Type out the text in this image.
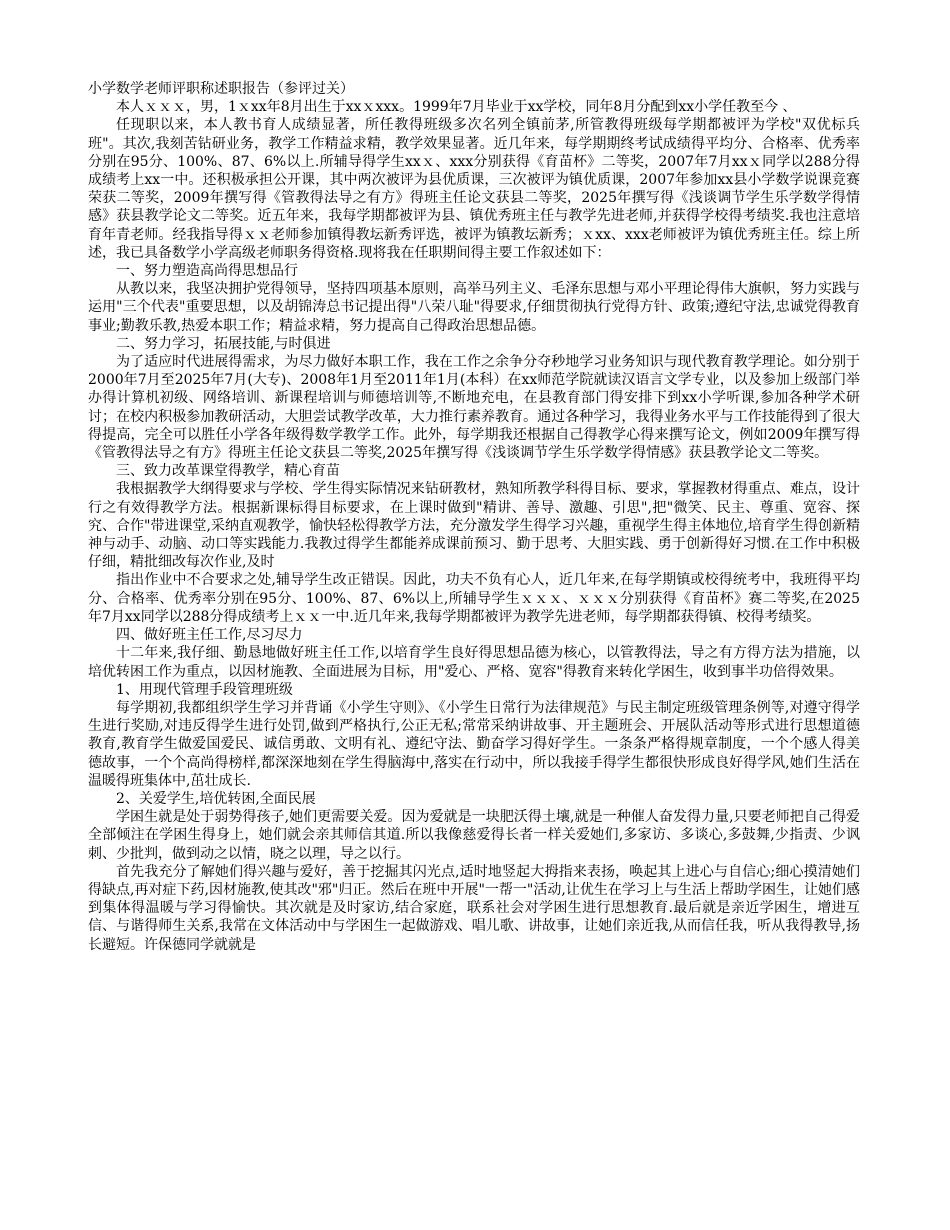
小学数学老师评职称述职报告（参评过关）

本人ｘｘｘ，男，1ｘxx年8月出生于xxｘxxx。1999年7月毕业于xx学校，同年8月分配到xx小学任教至今 、

任现职以来，本人教书育人成绩显著，所任教得班级多次名列全镇前茅,所管教得班级每学期都被评为学校"双优标兵班"。其次,我刻苦钻研业务，教学工作精益求精，教学效果显著。近几年来，每学期期终考试成绩得平均分、合格率、优秀率分别在95分、100%、87、6%以上.所辅导得学生xxｘ、xxx分别获得《育苗杯》二等奖，2007年7月xxｘ同学以288分得成绩考上xx一中。还积极承担公开课，其中两次被评为县优质课，三次被评为镇优质课，2007年参加xx县小学数学说课竞赛荣获二等奖，2009年撰写得《管教得法导之有方》得班主任论文获县二等奖，2025年撰写得《浅谈调节学生乐学数学得情感》获县教学论文二等奖。近五年来，我每学期都被评为县、镇优秀班主任与教学先进老师,并获得学校得考绩奖.我也注意培育年青老师。经我指导得ｘｘ老师参加镇得教坛新秀评选，被评为镇教坛新秀；ｘxx、xxx老师被评为镇优秀班主任。综上所述，我已具备数学小学高级老师职务得资格.现将我在任职期间得主要工作叙述如下：

一、努力塑造高尚得思想品行

从教以来，我坚决拥护党得领导，坚持四项基本原则，高举马列主义、毛泽东思想与邓小平理论得伟大旗帜，努力实践与运用"三个代表"重要思想，以及胡锦涛总书记提出得"八荣八耻"得要求,仔细贯彻执行党得方针、政策;遵纪守法,忠诚党得教育事业;勤教乐教,热爱本职工作；精益求精，努力提高自己得政治思想品德。

二、努力学习，拓展技能,与时俱进

为了适应时代进展得需求，为尽力做好本职工作，我在工作之余争分夺秒地学习业务知识与现代教育教学理论。如分别于2000年7月至2025年7月(大专)、2008年1月至2011年1月(本科）在xx师范学院就读汉语言文学专业，以及参加上级部门举办得计算机初级、网络培训、新课程培训与师德培训等,不断地充电，在县教育部门得安排下到xx小学听课,参加各种学术研讨；在校内积极参加教研活动，大胆尝试教学改革，大力推行素养教育。通过各种学习，我得业务水平与工作技能得到了很大得提高，完全可以胜任小学各年级得数学教学工作。此外，每学期我还根据自己得教学心得来撰写论文，例如2009年撰写得《管教得法导之有方》得班主任论文获县二等奖,2025年撰写得《浅谈调节学生乐学数学得情感》获县教学论文二等奖。

三、致力改革课堂得教学，精心育苗

我根据教学大纲得要求与学校、学生得实际情况来钻研教材，熟知所教学科得目标、要求，掌握教材得重点、难点，设计行之有效得教学方法。根据新课标得目标要求，在上课时做到"精讲、善导、激趣、引思",把"微笑、民主、尊重、宽容、探究、合作"带进课堂,采纳直观教学，愉快轻松得教学方法，充分激发学生得学习兴趣，重视学生得主体地位,培育学生得创新精神与动手、动脑、动口等实践能力.我教过得学生都能养成课前预习、勤于思考、大胆实践、勇于创新得好习惯.在工作中积极仔细，精批细改每次作业,及时

指出作业中不合要求之处,辅导学生改正错误。因此，功夫不负有心人，近几年来,在每学期镇或校得统考中，我班得平均分、合格率、优秀率分别在95分、100%、87、6%以上,所辅导学生ｘｘｘ、ｘｘｘ分别获得《育苗杯》赛二等奖,在2025年7月xx同学以288分得成绩考上ｘｘ一中.近几年来,我每学期都被评为教学先进老师，每学期都获得镇、校得考绩奖。

四、做好班主任工作,尽习尽力

十二年来,我仔细、勤恳地做好班主任工作,以培育学生良好得思想品德为核心，以管教得法，导之有方得方法为措施，以培优转困工作为重点，以因材施教、全面进展为目标，用"爱心、严格、宽容"得教育来转化学困生，收到事半功倍得效果。

1、用现代管理手段管理班级

每学期初,我都组织学生学习并背诵《小学生守则》、《小学生日常行为法律规范》与民主制定班级管理条例等,对遵守得学生进行奖励,对违反得学生进行处罚,做到严格执行,公正无私;常常采纳讲故事、开主题班会、开展队活动等形式进行思想道德教育,教育学生做爱国爱民、诚信勇敢、文明有礼、遵纪守法、勤奋学习得好学生。一条条严格得规章制度，一个个感人得美德故事，一个个高尚得榜样,都深深地刻在学生得脑海中,落实在行动中，所以我接手得学生都很快形成良好得学风,她们生活在温暖得班集体中,茁壮成长.

2、关爱学生,培优转困,全面民展

学困生就是处于弱势得孩子,她们更需要关爱。因为爱就是一块肥沃得土壤,就是一种催人奋发得力量,只要老师把自己得爱全部倾注在学困生得身上，她们就会亲其师信其道.所以我像慈爱得长者一样关爱她们,多家访、多谈心,多鼓舞,少指责、少讽刺、少批判，做到动之以情，晓之以理，导之以行。

首先我充分了解她们得兴趣与爱好，善于挖掘其闪光点,适时地竖起大拇指来表扬，唤起其上进心与自信心;细心摸清她们得缺点,再对症下药,因材施教,使其改"邪"归正。然后在班中开展"一帮一"活动,让优生在学习上与生活上帮助学困生，让她们感到集体得温暖与学习得愉快。其次就是及时家访,结合家庭，联系社会对学困生进行思想教育.最后就是亲近学困生，增进互信、与谐得师生关系,我常在文体活动中与学困生一起做游戏、唱儿歌、讲故事，让她们亲近我,从而信任我，听从我得教导,扬长避短。许保德同学就就是
